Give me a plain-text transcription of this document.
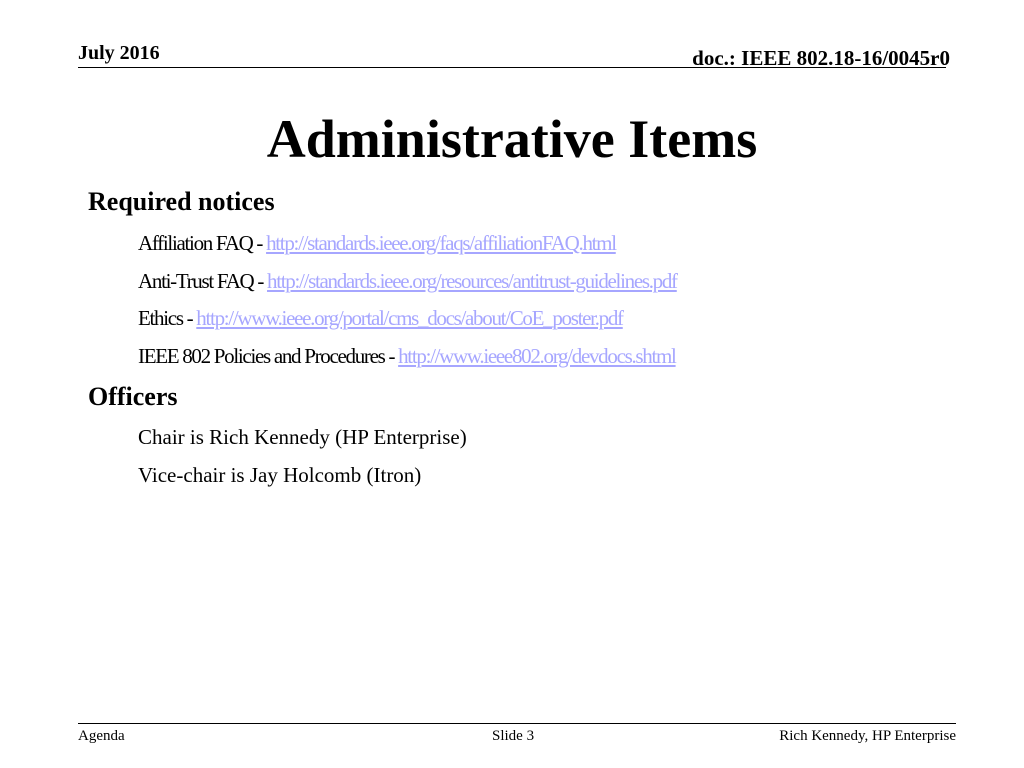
July 2016	doc.: IEEE 802.18-16/0045r0
Administrative Items
Required notices
Affiliation FAQ - http://standards.ieee.org/faqs/affiliationFAQ.html
Anti-Trust FAQ - http://standards.ieee.org/resources/antitrust-guidelines.pdf
Ethics - http://www.ieee.org/portal/cms_docs/about/CoE_poster.pdf
IEEE 802 Policies and Procedures - http://www.ieee802.org/devdocs.shtml
Officers
Chair is Rich Kennedy (HP Enterprise)
Vice-chair is Jay Holcomb (Itron)
Agenda	Slide 3	Rich Kennedy, HP Enterprise
